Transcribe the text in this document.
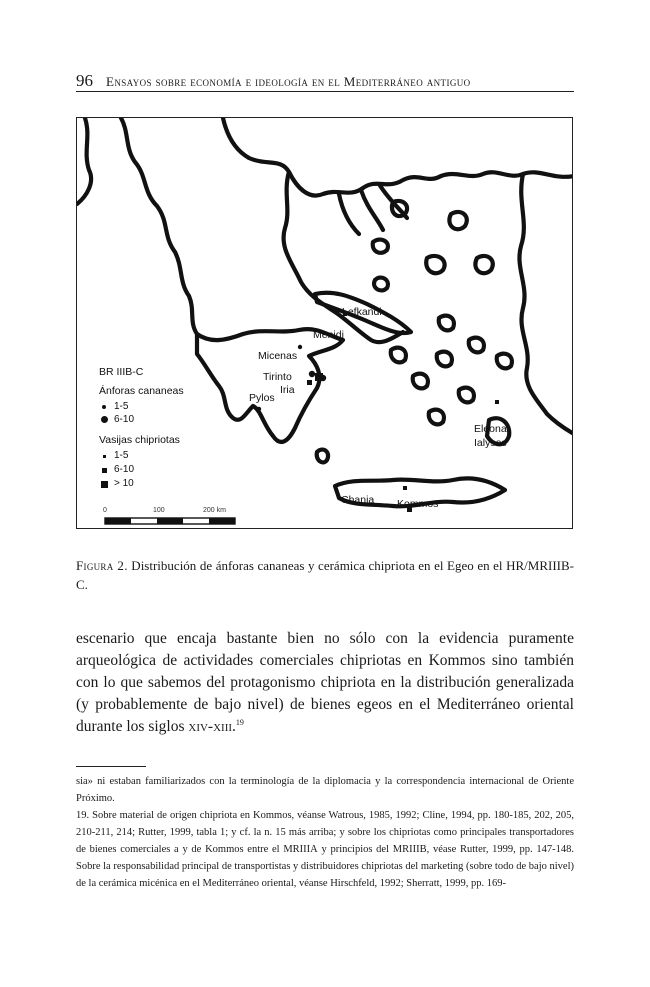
96 Ensayos sobre economía e ideología en el Mediterráneo antiguo
Lefkandi
Menidi
Micenas
Tirinto
Iria
Pylos
Eleona
Ialysos
Chania Kommos
BR IIIB-C
Ánforas cananeas
1-5
6-10
Vasijas chipriotas
1-5
6-10
> 10
0	100	200 km
Figura 2. Distribución de ánforas cananeas y cerámica chipriota en el Egeo en el HR/MRIIIB-C.
escenario que encaja bastante bien no sólo con la evidencia puramente arqueológica de actividades comerciales chipriotas en Kommos sino también con lo que sabemos del protagonismo chipriota en la distribución generalizada (y probablemente de bajo nivel) de bienes egeos en el Mediterráneo oriental durante los siglos xiv-xiii.$^{19}$

sia» ni estaban familiarizados con la terminología de la diplomacia y la correspondencia internacional de Oriente Próximo.

19. Sobre material de origen chipriota en Kommos, véanse Watrous, 1985, 1992; Cline, 1994, pp. 180-185, 202, 205, 210-211, 214; Rutter, 1999, tabla 1; y cf. la n. 15 más arriba; y sobre los chipriotas como principales transportadores de bienes comerciales a y de Kommos entre el MRIIIA y principios del MRIIIB, véase Rutter, 1999, pp. 147-148. Sobre la responsabilidad principal de transportistas y distribuidores chipriotas del marketing (sobre todo de bajo nivel) de la cerámica micénica en el Mediterráneo oriental, véanse Hirschfeld, 1992; Sherratt, 1999, pp. 169-
